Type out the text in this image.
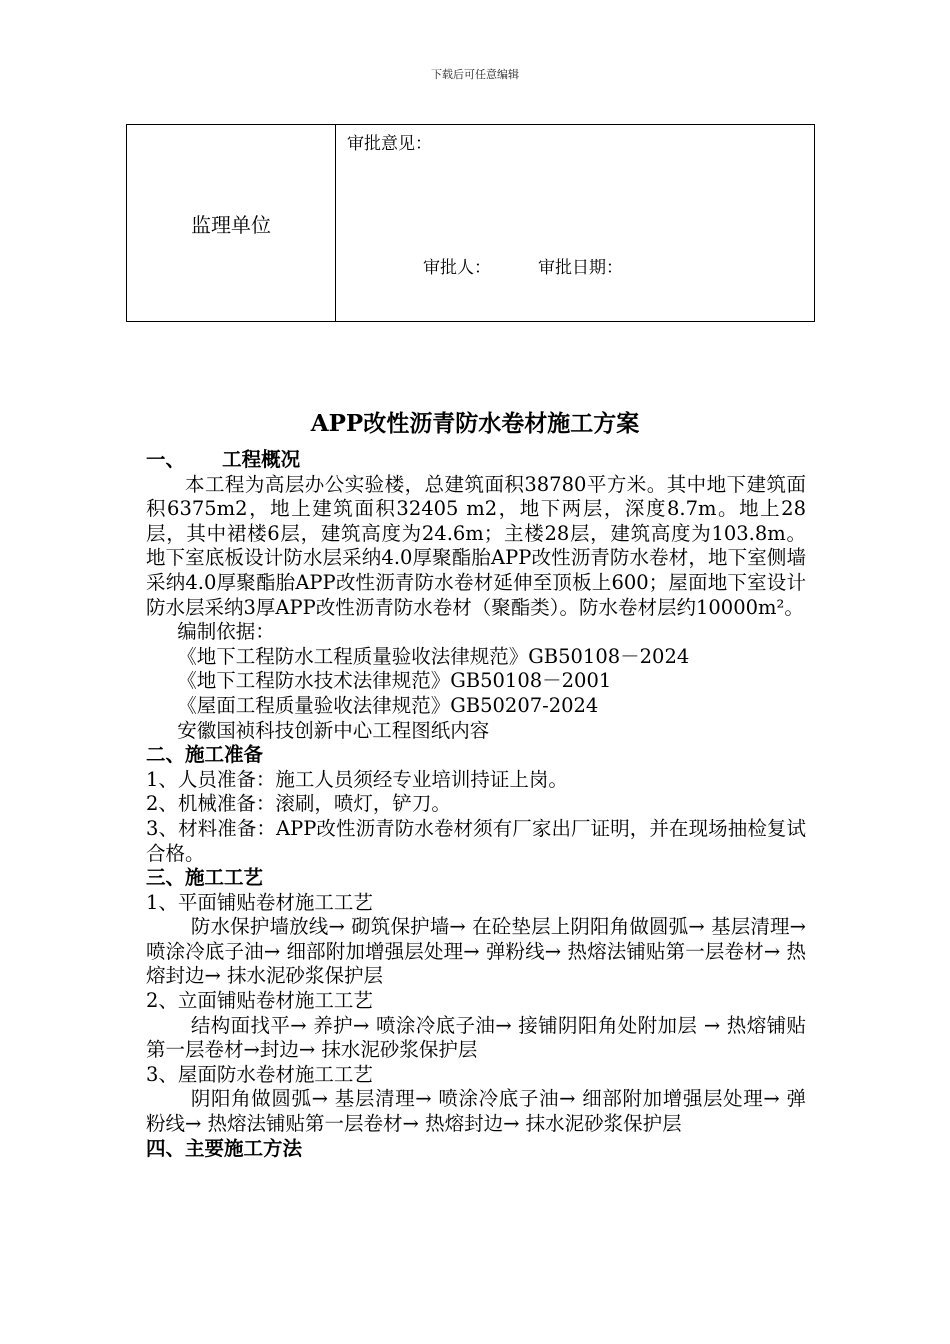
下载后可任意编辑
监理单位
审批意见：
审批人：	审批日期：
APP改性沥青防水卷材施工方案

一、 工程概况

本工程为高层办公实验楼，总建筑面积38780平方米。其中地下建筑面积6375m2，地上建筑面积32405 m2，地下两层，深度8.7m。地上28层，其中裙楼6层，建筑高度为24.6m；主楼28层，建筑高度为103.8m。地下室底板设计防水层采纳4.0厚聚酯胎APP改性沥青防水卷材，地下室侧墙采纳4.0厚聚酯胎APP改性沥青防水卷材延伸至顶板上600；屋面地下室设计防水层采纳3厚APP改性沥青防水卷材（聚酯类）。防水卷材层约10000m²。

编制依据：

《地下工程防水工程质量验收法律规范》GB50108－2024

《地下工程防水技术法律规范》GB50108－2001

《屋面工程质量验收法律规范》GB50207-2024

安徽国祯科技创新中心工程图纸内容

二、施工准备

1、人员准备：施工人员须经专业培训持证上岗。

2、机械准备：滚刷，喷灯，铲刀。

3、材料准备：APP改性沥青防水卷材须有厂家出厂证明，并在现场抽检复试合格。

三、施工工艺

1、平面铺贴卷材施工工艺

防水保护墙放线→ 砌筑保护墙→ 在砼垫层上阴阳角做圆弧→ 基层清理→ 喷涂冷底子油→ 细部附加增强层处理→ 弹粉线→ 热熔法铺贴第一层卷材→ 热熔封边→ 抹水泥砂浆保护层

2、立面铺贴卷材施工工艺

结构面找平→ 养护→ 喷涂冷底子油→ 接铺阴阳角处附加层 → 热熔铺贴第一层卷材→封边→ 抹水泥砂浆保护层

3、屋面防水卷材施工工艺

阴阳角做圆弧→ 基层清理→ 喷涂冷底子油→ 细部附加增强层处理→ 弹粉线→ 热熔法铺贴第一层卷材→ 热熔封边→ 抹水泥砂浆保护层

四、主要施工方法
